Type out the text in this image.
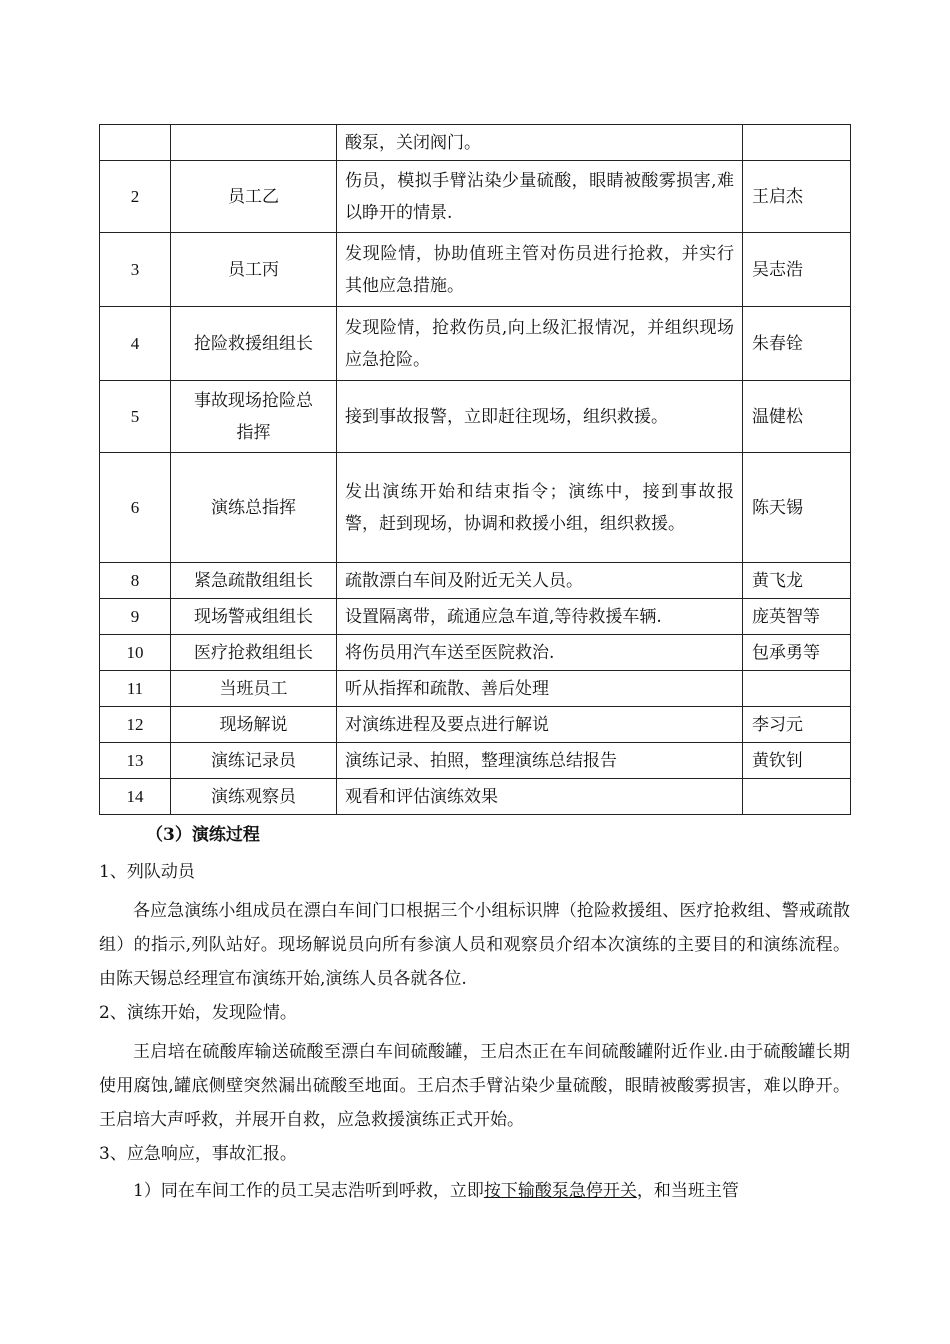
		酸泵，关闭阀门。	

2	员工乙	伤员，模拟手臂沾染少量硫酸，眼睛被酸雾损害,难以睁开的情景.	王启杰

3	员工丙	发现险情，协助值班主管对伤员进行抢救，并实行其他应急措施。	吴志浩

4	抢险救援组组长	发现险情，抢救伤员,向上级汇报情况，并组织现场应急抢险。	朱春铨

5	事故现场抢险总指挥	接到事故报警，立即赶往现场，组织救援。	温健松

6	演练总指挥	发出演练开始和结束指令；演练中，接到事故报警，赶到现场，协调和救援小组，组织救援。	陈天锡

8	紧急疏散组组长	疏散漂白车间及附近无关人员。	黄飞龙

9	现场警戒组组长	设置隔离带，疏通应急车道,等待救援车辆.	庞英智等

10	医疗抢救组组长	将伤员用汽车送至医院救治.	包承勇等

11	当班员工	听从指挥和疏散、善后处理	

12	现场解说	对演练进程及要点进行解说	李习元

13	演练记录员	演练记录、拍照，整理演练总结报告	黄钦钊

14	演练观察员	观看和评估演练效果	

（3）演练过程
1、列队动员
各应急演练小组成员在漂白车间门口根据三个小组标识牌（抢险救援组、医疗抢救组、警戒疏散组）的指示,列队站好。现场解说员向所有参演人员和观察员介绍本次演练的主要目的和演练流程。由陈天锡总经理宣布演练开始,演练人员各就各位.
2、演练开始，发现险情。
王启培在硫酸库输送硫酸至漂白车间硫酸罐，王启杰正在车间硫酸罐附近作业.由于硫酸罐长期使用腐蚀,罐底侧壁突然漏出硫酸至地面。王启杰手臂沾染少量硫酸，眼睛被酸雾损害，难以睁开。王启培大声呼救，并展开自救，应急救援演练正式开始。
3、应急响应，事故汇报。
1）同在车间工作的员工吴志浩听到呼救，立即按下输酸泵急停开关，和当班主管
